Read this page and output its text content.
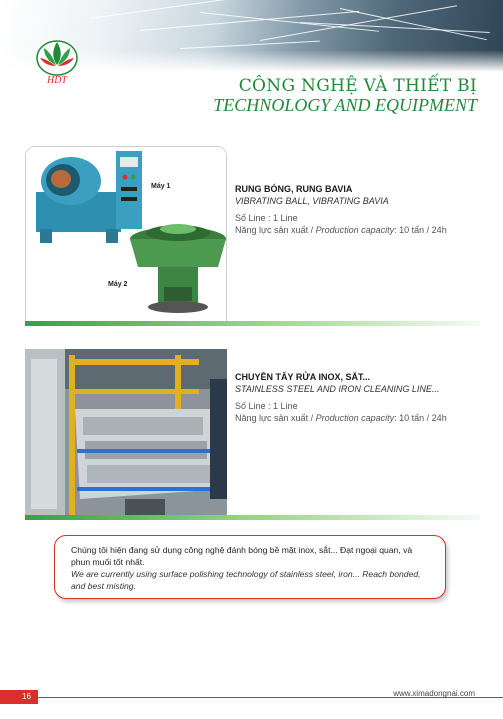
HDT	CÔNG NGHỆ VÀ THIẾT BỊ
TECHNOLOGY AND EQUIPMENT
Máy 1
Máy 2
RUNG BÓNG, RUNG BAVIA
VIBRATING BALL, VIBRATING BAVIA
Số Line : 1 Line
Năng lực sản xuất / Production capacity: 10 tấn / 24h
CHUYỀN TẨY RỬA INOX, SẮT...
STAINLESS STEEL AND IRON CLEANING LINE...
Số Line : 1 Line
Năng lực sản xuất / Production capacity: 10 tấn / 24h
Chúng tôi hiện đang sử dụng công nghệ đánh bóng bề mặt inox, sắt... Đạt ngoại quan, và phun muối tốt nhất.
We are currently using surface polishing technology of stainless steel, iron... Reach bonded, and best misting.
16	www.ximadongnai.com
